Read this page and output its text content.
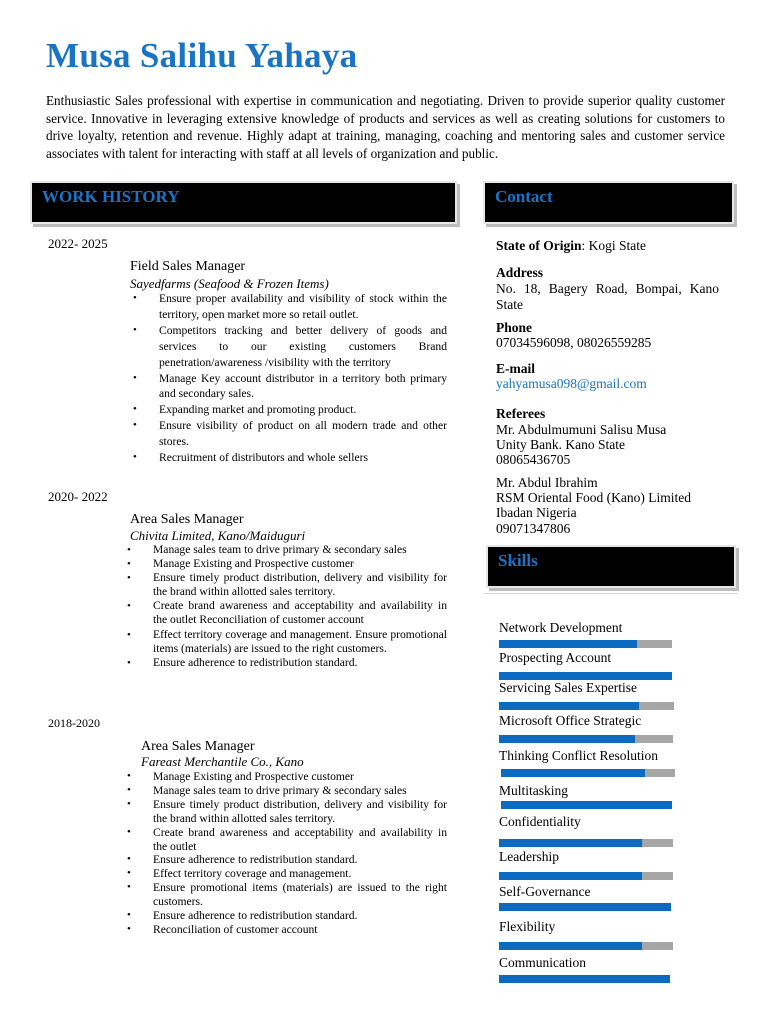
Musa Salihu Yahaya
Enthusiastic Sales professional with expertise in communication and negotiating. Driven to provide superior quality customer service. Innovative in leveraging extensive knowledge of products and services as well as creating solutions for customers to drive loyalty, retention and revenue. Highly adapt at training, managing, coaching and mentoring sales and customer service associates with talent for interacting with staff at all levels of organization and public.
WORK HISTORY	Contact
Skills
2022- 2025
Field Sales Manager
Sayedfarms (Seafood & Frozen Items)
• Ensure proper availability and visibility of stock within the territory, open market more so retail outlet.
• Competitors tracking and better delivery of goods and services to our existing customers Brand penetration/awareness /visibility with the territory
• Manage Key account distributor in a territory both primary and secondary sales.
• Expanding market and promoting product.
• Ensure visibility of product on all modern trade and other stores.
• Recruitment of distributors and whole sellers
2020- 2022
Area Sales Manager
Chivita Limited, Kano/Maiduguri
• Manage sales team to drive primary & secondary sales
• Manage Existing and Prospective customer
• Ensure timely product distribution, delivery and visibility for the brand within allotted sales territory.
• Create brand awareness and acceptability and availability in the outlet Reconciliation of customer account
• Effect territory coverage and management. Ensure promotional items (materials) are issued to the right customers.
• Ensure adherence to redistribution standard.
2018-2020
Area Sales Manager
Fareast Merchantile Co., Kano
• Manage Existing and Prospective customer
• Manage sales team to drive primary & secondary sales
• Ensure timely product distribution, delivery and visibility for the brand within allotted sales territory.
• Create brand awareness and acceptability and availability in the outlet
• Ensure adherence to redistribution standard.
• Effect territory coverage and management.
• Ensure promotional items (materials) are issued to the right customers.
• Ensure adherence to redistribution standard.
• Reconciliation of customer account
State of Origin: Kogi State
Address
No. 18, Bagery Road, Bompai, Kano State
Phone
07034596098, 08026559285
E-mail
yahyamusa098@gmail.com
Referees
Mr. Abdulmumuni Salisu Musa
Unity Bank. Kano State
08065436705
Mr. Abdul Ibrahim
RSM Oriental Food (Kano) Limited
Ibadan Nigeria
09071347806
Network Development
Prospecting Account
Servicing Sales Expertise
Microsoft Office Strategic
Thinking Conflict Resolution
Multitasking
Confidentiality
Leadership
Self-Governance
Flexibility
Communication
